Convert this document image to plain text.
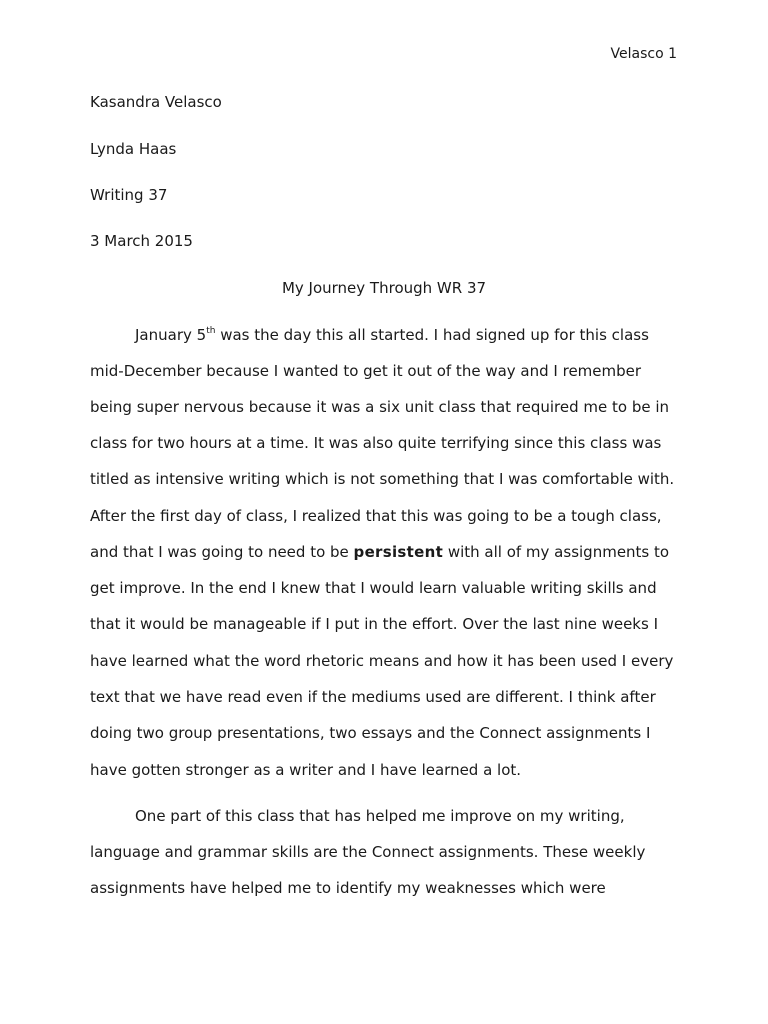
Velasco 1
Kasandra Velasco
Lynda Haas
Writing 37
3 March 2015
My Journey Through WR 37
January 5th was the day this all started. I had signed up for this class
mid-December because I wanted to get it out of the way and I remember
being super nervous because it was a six unit class that required me to be in
class for two hours at a time. It was also quite terrifying since this class was
titled as intensive writing which is not something that I was comfortable with.
After the first day of class, I realized that this was going to be a tough class,
and that I was going to need to be persistent with all of my assignments to
get improve. In the end I knew that I would learn valuable writing skills and
that it would be manageable if I put in the effort. Over the last nine weeks I
have learned what the word rhetoric means and how it has been used I every
text that we have read even if the mediums used are different. I think after
doing two group presentations, two essays and the Connect assignments I
have gotten stronger as a writer and I have learned a lot.
One part of this class that has helped me improve on my writing,
language and grammar skills are the Connect assignments. These weekly
assignments have helped me to identify my weaknesses which were
